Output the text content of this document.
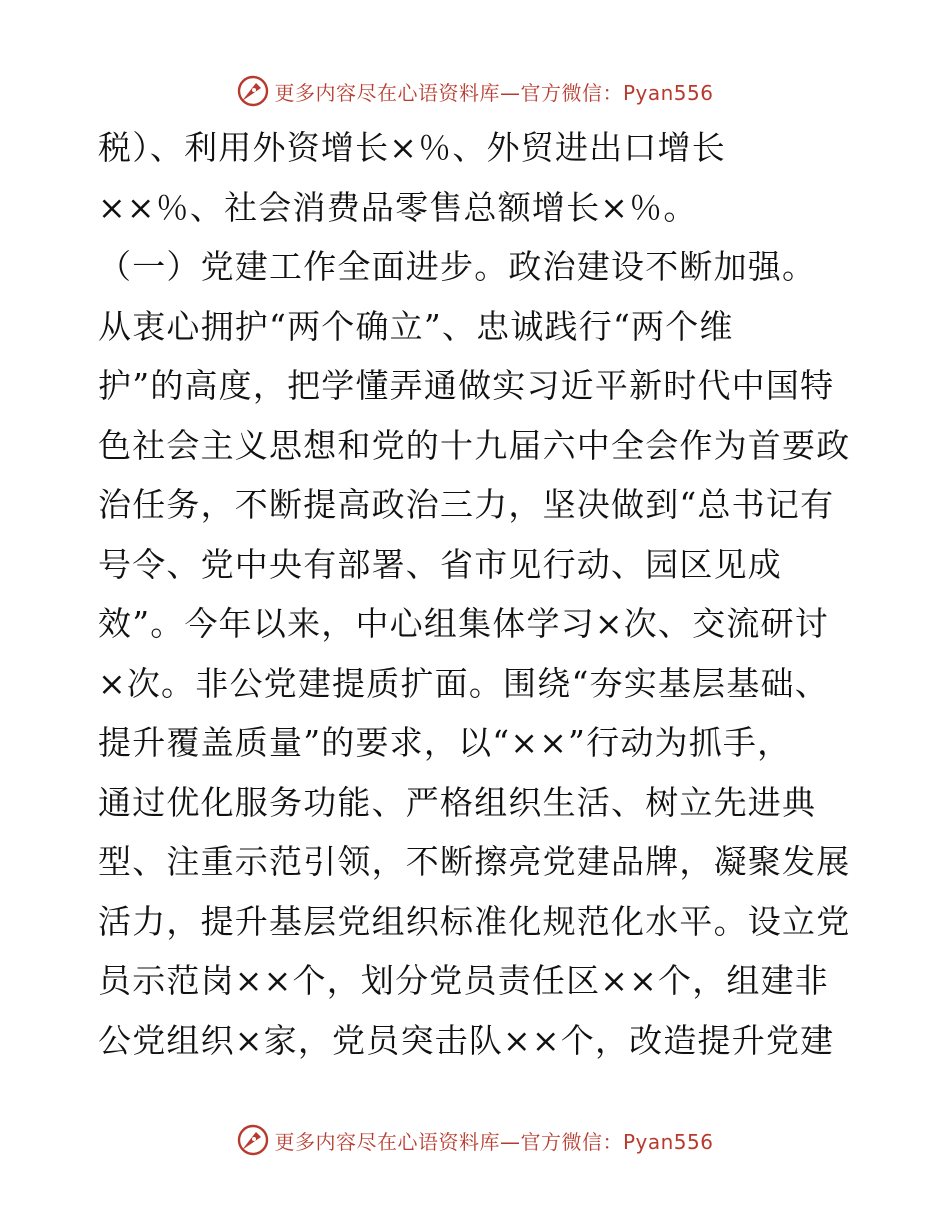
更多内容尽在心语资料库—官方微信：Pyan556
税）、利用外资增长×％、外贸进出口增长
××％、社会消费品零售总额增长×％。
（一）党建工作全面进步。政治建设不断加强。
从衷心拥护“两个确立”、忠诚践行“两个维
护”的高度，把学懂弄通做实习近平新时代中国特
色社会主义思想和党的十九届六中全会作为首要政
治任务，不断提高政治三力，坚决做到“总书记有
号令、党中央有部署、省市见行动、园区见成
效”。今年以来，中心组集体学习×次、交流研讨
×次。非公党建提质扩面。围绕“夯实基层基础、
提升覆盖质量”的要求，以“××”行动为抓手，
通过优化服务功能、严格组织生活、树立先进典
型、注重示范引领，不断擦亮党建品牌，凝聚发展
活力，提升基层党组织标准化规范化水平。设立党
员示范岗××个，划分党员责任区××个，组建非
公党组织×家，党员突击队××个，改造提升党建
更多内容尽在心语资料库—官方微信：Pyan556
